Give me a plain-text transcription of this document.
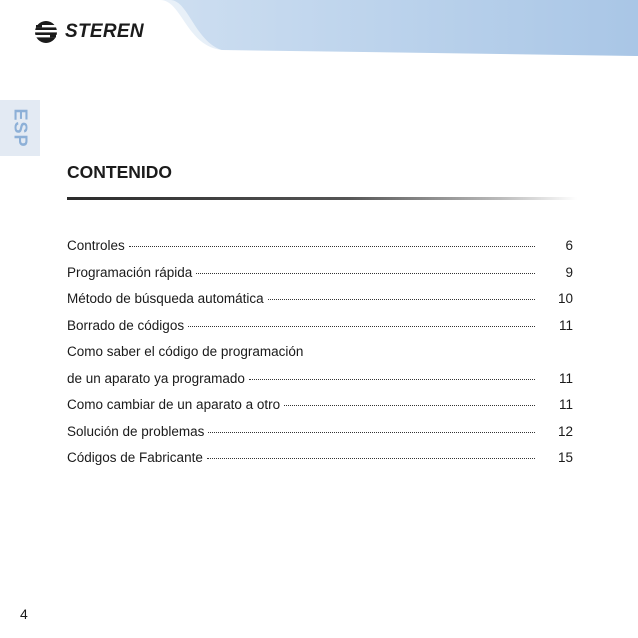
STEREN
ESP
CONTENIDO
Controles	6
Programación rápida	9
Método de búsqueda automática	10
Borrado de códigos	11
Como saber el código de programación
de un aparato ya programado	11
Como cambiar de un aparato a otro	11
Solución de problemas	12
Códigos de Fabricante	15
4
